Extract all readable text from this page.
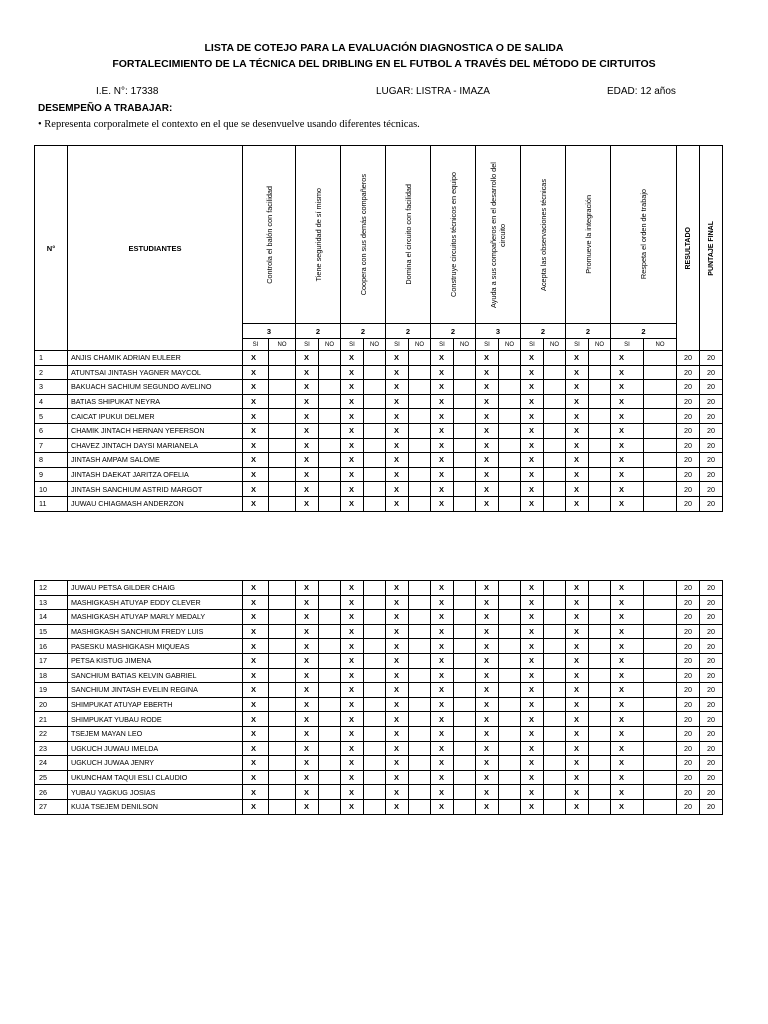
LISTA DE COTEJO PARA LA EVALUACIÓN DIAGNOSTICA O DE SALIDA
FORTALECIMIENTO DE LA TÉCNICA DEL DRIBLING EN EL FUTBOL A TRAVÉS DEL MÉTODO DE CIRTUITOS
I.E. N°: 17338	LUGAR: LISTRA - IMAZA	EDAD: 12 años
DESEMPEÑO A TRABAJAR:
• Representa corporalmete el contexto en el que se desenvuelve usando diferentes técnicas.
N°	ESTUDIANTES	Controla el balón con facilidad		Tiene seguridad de sí mismo		Coopera con sus demás compañeros		Domina el circuito con facilidad		Construye circuitos técnicos en equipo		Ayuda a sus compañeros en el desarrollo del circuito		Acepta las observaciones técnicas		Promueve la integración		Respeta el orden de trabajo		RESULTADO	PUNTAJE FINAL

		3		2		2		2		2		3		2		2		2			
		SI	NO	SI	NO	SI	NO	SI	NO	SI	NO	SI	NO	SI	NO	SI	NO	SI	NO		
1	ANJIS CHAMIK ADRIAN EULEER	X		X		X		X		X		X		X		X		X		20	20
2	ATUNTSAI JINTASH YAGNER MAYCOL	X		X		X		X		X		X		X		X		X		20	20
3	BAKUACH SACHIUM SEGUNDO AVELINO	X		X		X		X		X		X		X		X		X		20	20
4	BATIAS SHIPUKAT NEYRA	X		X		X		X		X		X		X		X		X		20	20
5	CAICAT IPUKUI DELMER	X		X		X		X		X		X		X		X		X		20	20
6	CHAMIK JINTACH HERNAN YEFERSON	X		X		X		X		X		X		X		X		X		20	20
7	CHAVEZ JINTACH DAYSI MARIANELA	X		X		X		X		X		X		X		X		X		20	20
8	JINTASH AMPAM SALOME	X		X		X		X		X		X		X		X		X		20	20
9	JINTASH DAEKAT JARITZA OFELIA	X		X		X		X		X		X		X		X		X		20	20
10	JINTASH SANCHIUM ASTRID MARGOT	X		X		X		X		X		X		X		X		X		20	20
11	JUWAU CHIAGMASH ANDERZON	X		X		X		X		X		X		X		X		X		20	20
12	JUWAU PETSA GILDER CHAIG	X		X		X		X		X		X		X		X		X		20	20
13	MASHIGKASH ATUYAP EDDY CLEVER	X		X		X		X		X		X		X		X		X		20	20
14	MASHIGKASH ATUYAP MARLY MEDALY	X		X		X		X		X		X		X		X		X		20	20
15	MASHIGKASH SANCHIUM FREDY LUIS	X		X		X		X		X		X		X		X		X		20	20
16	PASESKU MASHIGKASH MIQUEAS	X		X		X		X		X		X		X		X		X		20	20
17	PETSA KISTUG JIMENA	X		X		X		X		X		X		X		X		X		20	20
18	SANCHIUM BATIAS KELVIN GABRIEL	X		X		X		X		X		X		X		X		X		20	20
19	SANCHIUM JINTASH EVELIN REGINA	X		X		X		X		X		X		X		X		X		20	20
20	SHIMPUKAT ATUYAP EBERTH	X		X		X		X		X		X		X		X		X		20	20
21	SHIMPUKAT YUBAU RODE	X		X		X		X		X		X		X		X		X		20	20
22	TSEJEM MAYAN LEO	X		X		X		X		X		X		X		X		X		20	20
23	UGKUCH JUWAU IMELDA	X		X		X		X		X		X		X		X		X		20	20
24	UGKUCH JUWAA JENRY	X		X		X		X		X		X		X		X		X		20	20
25	UKUNCHAM TAQUI ESLI CLAUDIO	X		X		X		X		X		X		X		X		X		20	20
26	YUBAU YAGKUG JOSIAS	X		X		X		X		X		X		X		X		X		20	20
27	KUJA TSEJEM DENILSON	X		X		X		X		X		X		X		X		X		20	20
